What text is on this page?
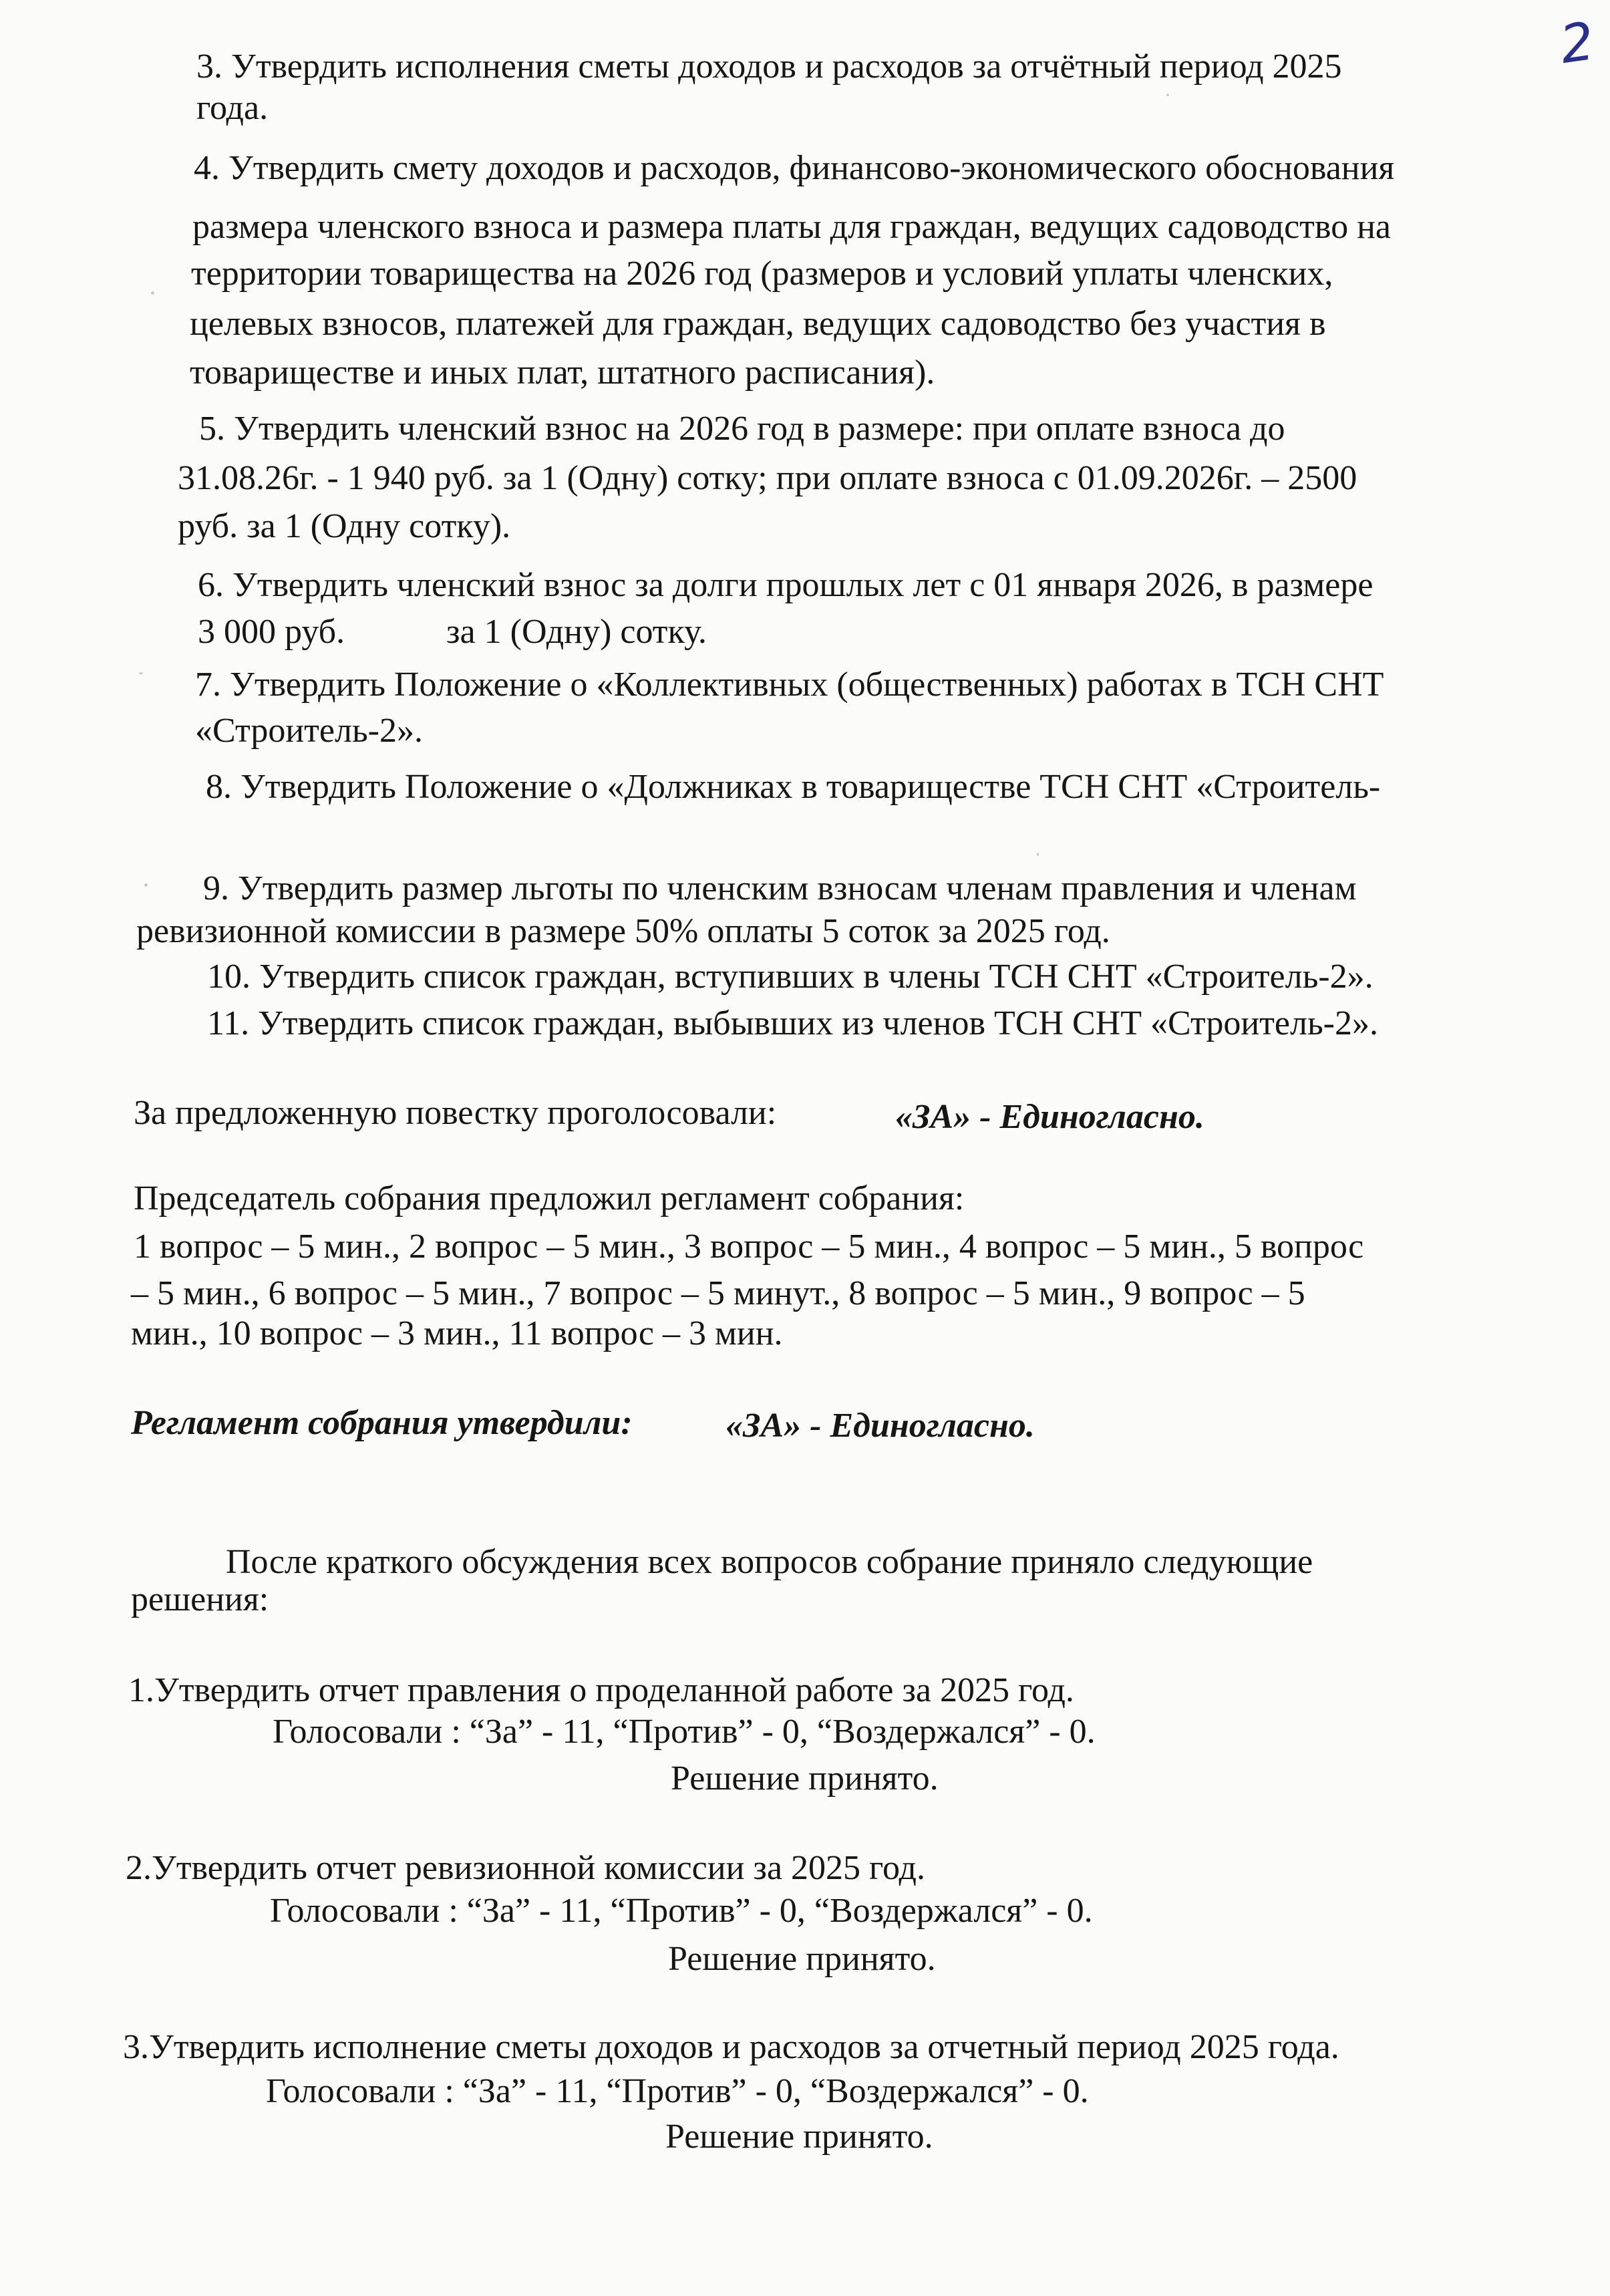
2
3. Утвердить исполнения сметы доходов и расходов за отчётный период 2025
года.
4. Утвердить смету доходов и расходов, финансово-экономического обоснования
размера членского взноса и размера платы для граждан, ведущих садоводство на
территории товарищества на 2026 год (размеров и условий уплаты членских,
целевых взносов, платежей для граждан, ведущих садоводство без участия в
товариществе и иных плат, штатного расписания).
5. Утвердить членский взнос на 2026 год в размере: при оплате взноса до
31.08.26г. - 1 940 руб. за 1 (Одну) сотку; при оплате взноса с 01.09.2026г. – 2500
руб. за 1 (Одну сотку).
6. Утвердить членский взнос за долги прошлых лет с 01 января 2026, в размере
3 000 руб.	за 1 (Одну) сотку.
7. Утвердить Положение о «Коллективных (общественных) работах в ТСН СНТ
«Строитель-2».
8. Утвердить Положение о «Должниках в товариществе ТСН СНТ «Строитель-
9. Утвердить размер льготы по членским взносам членам правления и членам
ревизионной комиссии в размере 50% оплаты 5 соток за 2025 год.
10. Утвердить список граждан, вступивших в члены ТСН СНТ «Строитель-2».
11. Утвердить список граждан, выбывших из членов ТСН СНТ «Строитель-2».
За предложенную повестку проголосовали:	«ЗА» - Единогласно.
Председатель собрания предложил регламент собрания:
1 вопрос – 5 мин., 2 вопрос – 5 мин., 3 вопрос – 5 мин., 4 вопрос – 5 мин., 5 вопрос
– 5 мин., 6 вопрос – 5 мин., 7 вопрос – 5 минут., 8 вопрос – 5 мин., 9 вопрос – 5
мин., 10 вопрос – 3 мин., 11 вопрос – 3 мин.
Регламент собрания утвердили:	«ЗА» - Единогласно.
После краткого обсуждения всех вопросов собрание приняло следующие
решения:
1.Утвердить отчет правления о проделанной работе за 2025 год.
Голосовали : “За” - 11, “Против” - 0, “Воздержался” - 0.
Решение принято.
2.Утвердить отчет ревизионной комиссии за 2025 год.
Голосовали : “За” - 11, “Против” - 0, “Воздержался” - 0.
Решение принято.
3.Утвердить исполнение сметы доходов и расходов за отчетный период 2025 года.
Голосовали : “За” - 11, “Против” - 0, “Воздержался” - 0.
Решение принято.
